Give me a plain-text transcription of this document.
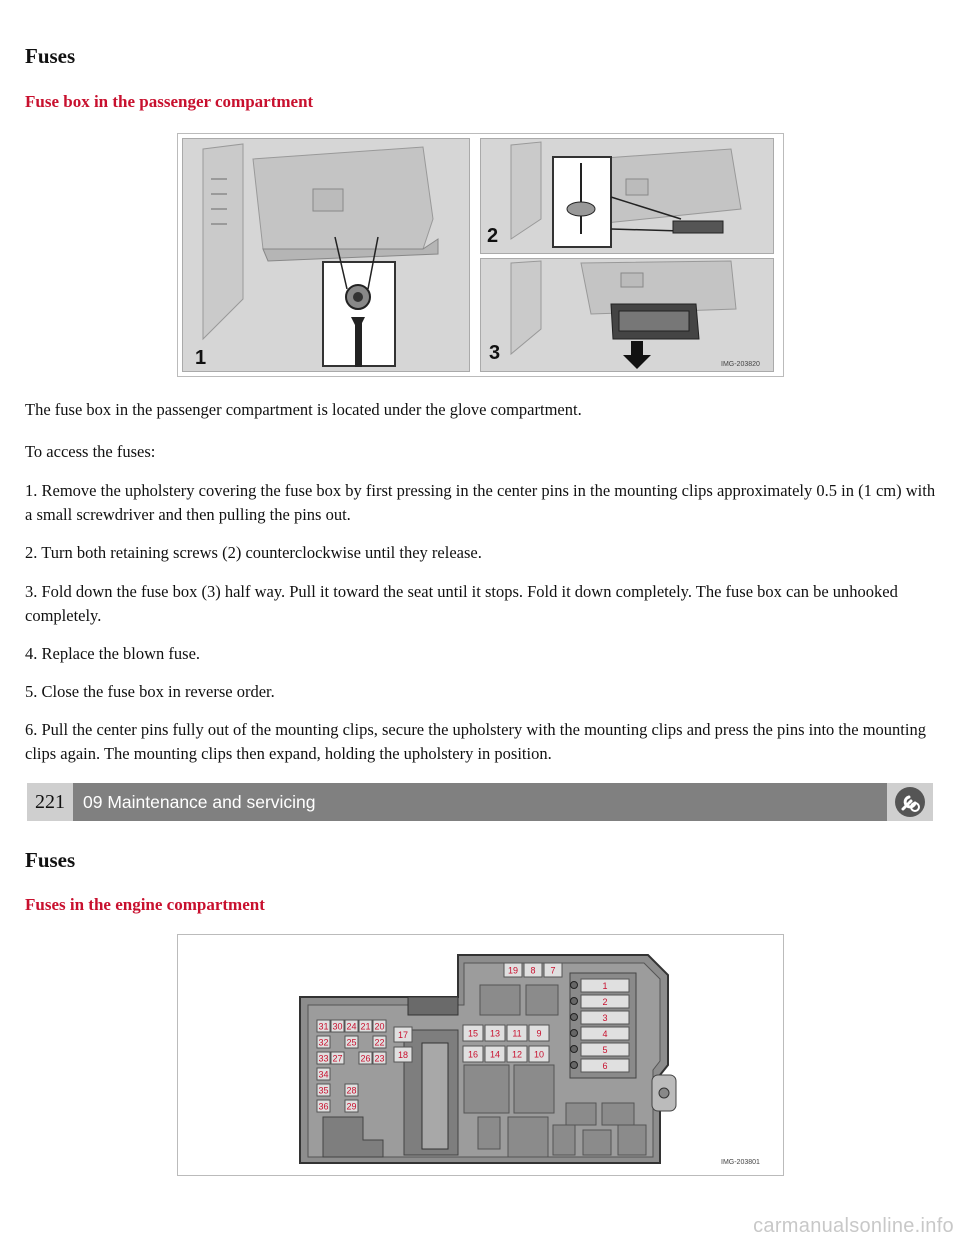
Fuses
Fuse box in the passenger compartment
1
2
3
IMG-203820

The fuse box in the passenger compartment is located under the glove compartment.

To access the fuses:

1. Remove the upholstery covering the fuse box by first pressing in the center pins in the mounting clips approximately 0.5 in (1 cm) with a small screwdriver and then pulling the pins out.

2. Turn both retaining screws (2) counterclockwise until they release.

3. Fold down the fuse box (3) half way. Pull it toward the seat until it stops. Fold it down completely. The fuse box can be unhooked completely.

4. Replace the blown fuse.

5. Close the fuse box in reverse order.

6. Pull the center pins fully out of the mounting clips, secure the upholstery with the mounting clips and press the pins into the mounting clips again. The mounting clips then expand, holding the upholstery in position.

221	09 Maintenance and servicing
Fuses
Fuses in the engine compartment
19 8 7
1
2
3
4
5
6
15 13 11 9
16 14 12 10
17
18
31 30 24 21 20
32 25 22
33 27 26 23
34
35
36
28
29
IMG-203801
carmanualsonline.info
